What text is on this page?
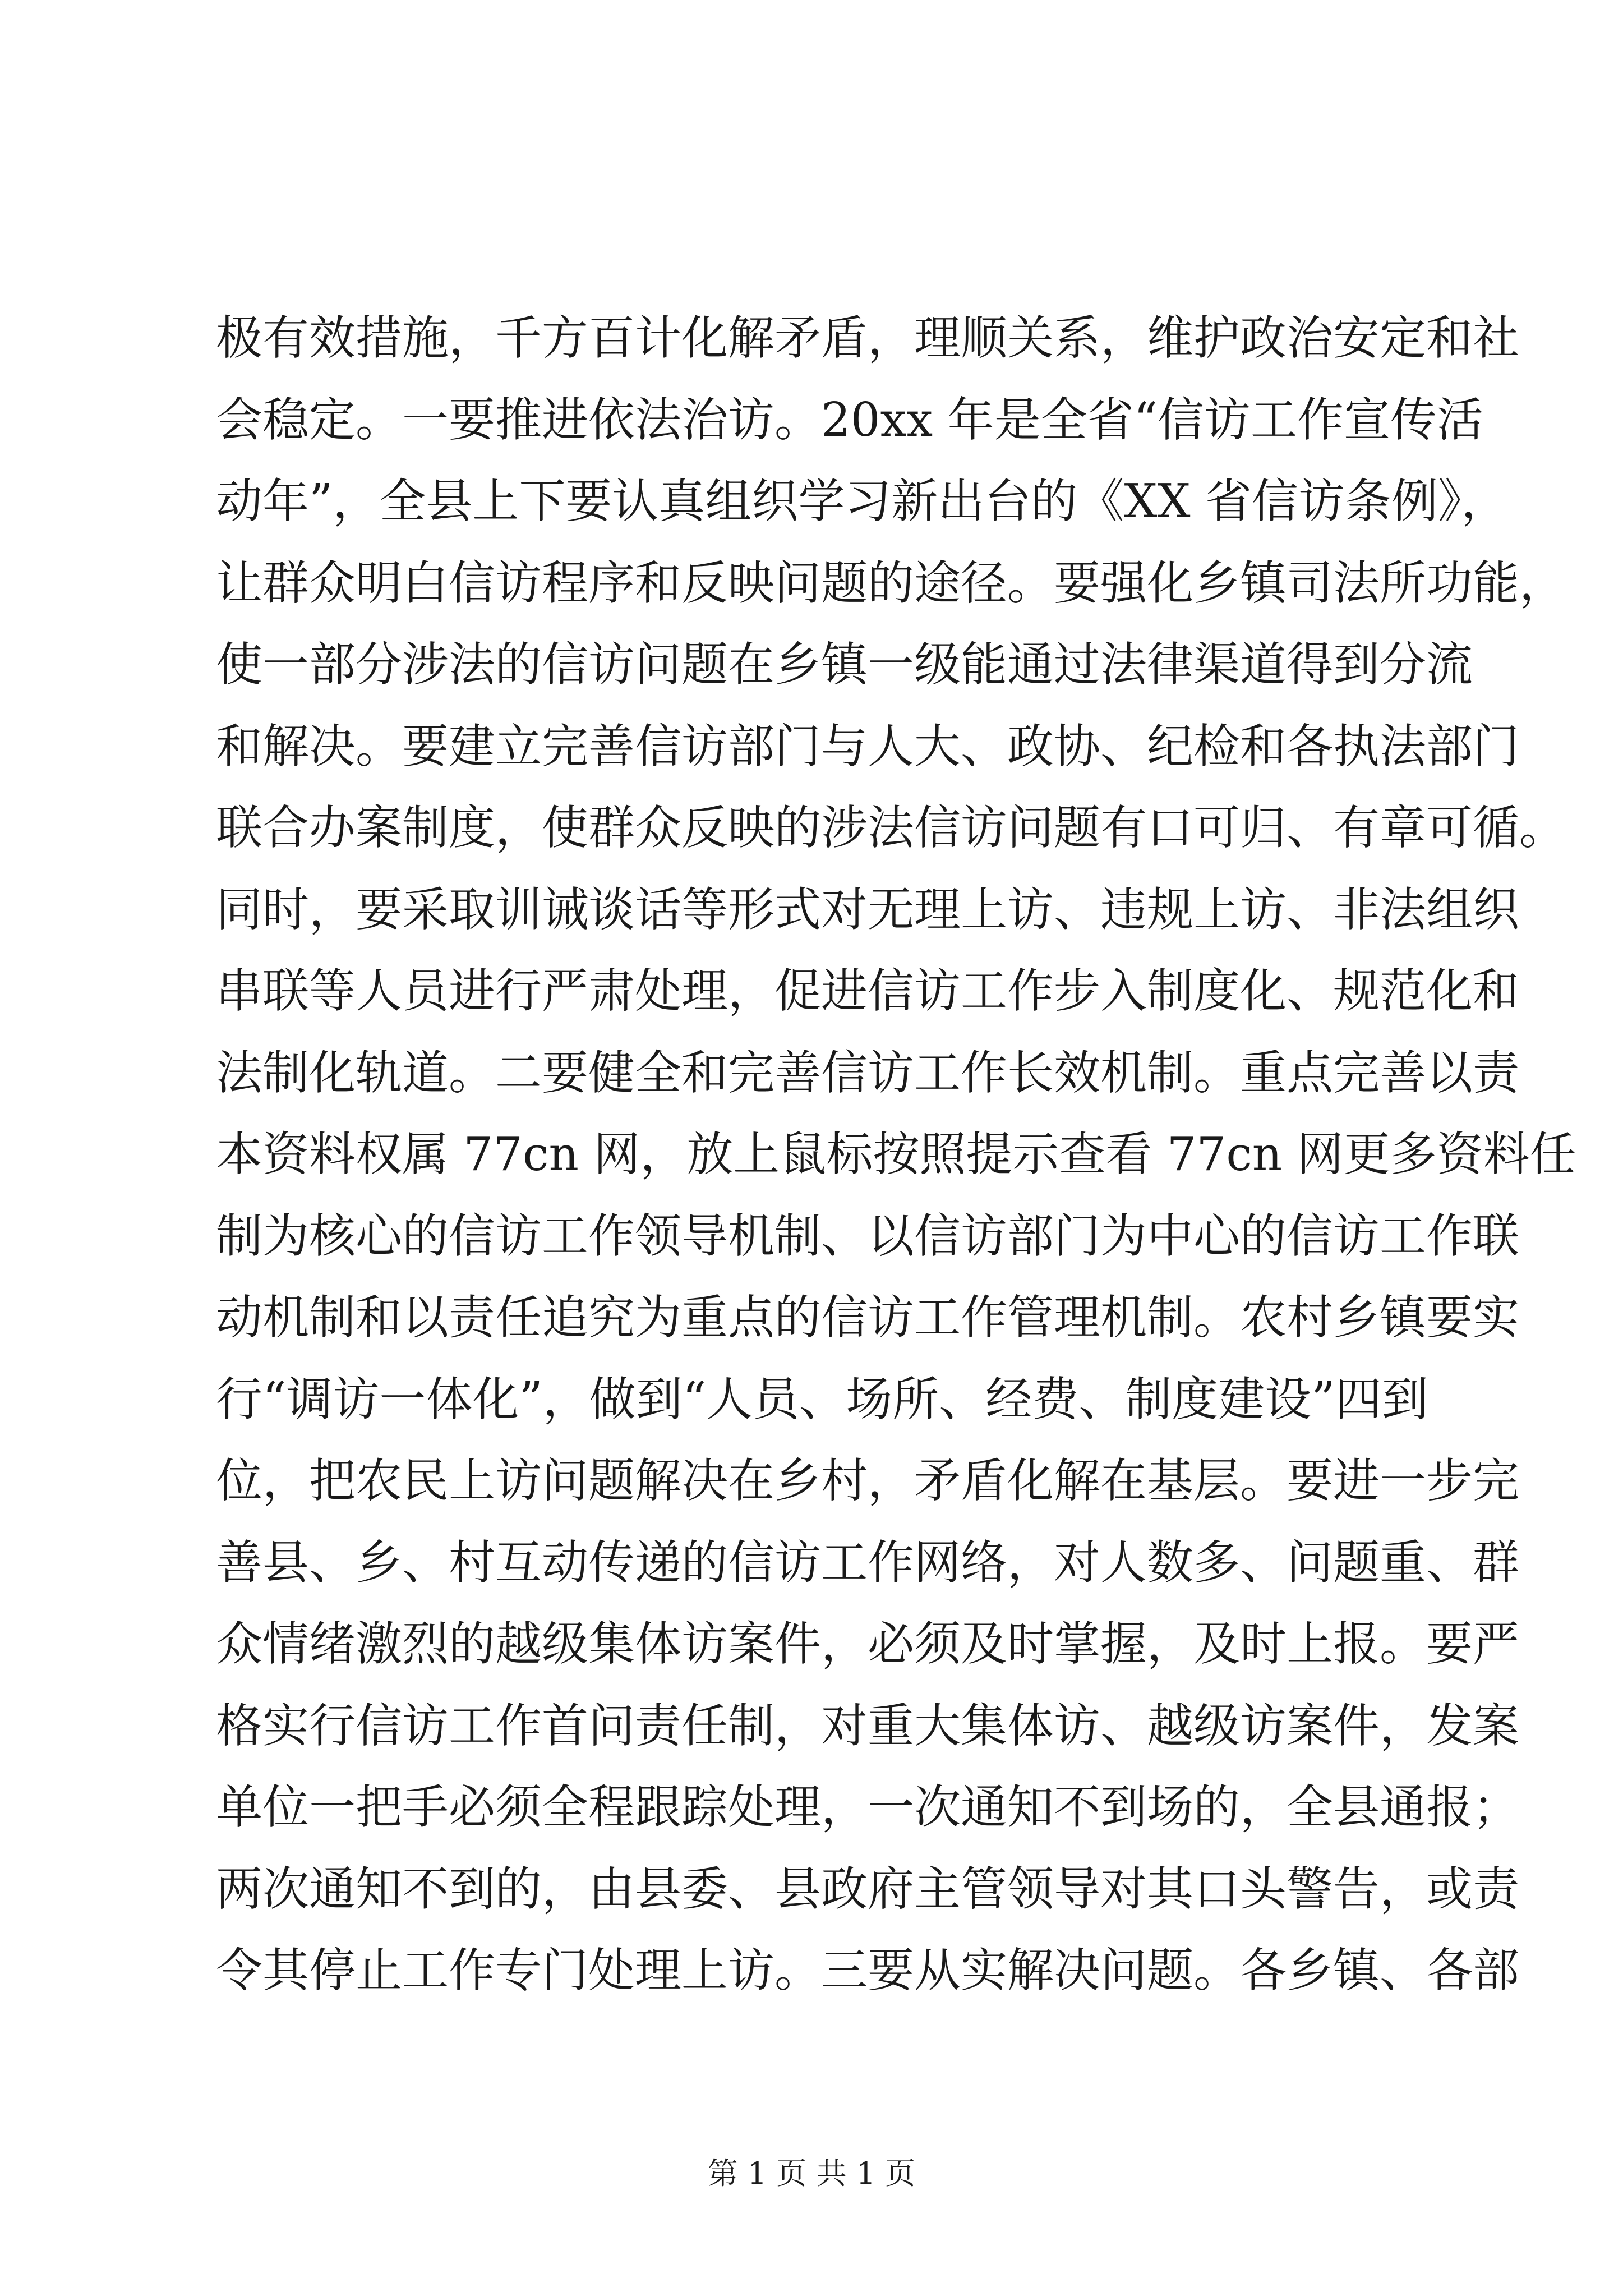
极有效措施，千方百计化解矛盾，理顺关系，维护政治安定和社
会稳定。一要推进依法治访。20xx 年是全省“信访工作宣传活
动年”，全县上下要认真组织学习新出台的《XX 省信访条例》，
让群众明白信访程序和反映问题的途径。要强化乡镇司法所功能，
使一部分涉法的信访问题在乡镇一级能通过法律渠道得到分流
和解决。要建立完善信访部门与人大、政协、纪检和各执法部门
联合办案制度，使群众反映的涉法信访问题有口可归、有章可循。
同时，要采取训诫谈话等形式对无理上访、违规上访、非法组织
串联等人员进行严肃处理，促进信访工作步入制度化、规范化和
法制化轨道。二要健全和完善信访工作长效机制。重点完善以责
本资料权属 77cn 网，放上鼠标按照提示查看 77cn 网更多资料任
制为核心的信访工作领导机制、以信访部门为中心的信访工作联
动机制和以责任追究为重点的信访工作管理机制。农村乡镇要实
行“调访一体化”，做到“人员、场所、经费、制度建设”四到
位，把农民上访问题解决在乡村，矛盾化解在基层。要进一步完
善县、乡、村互动传递的信访工作网络，对人数多、问题重、群
众情绪激烈的越级集体访案件，必须及时掌握，及时上报。要严
格实行信访工作首问责任制，对重大集体访、越级访案件，发案
单位一把手必须全程跟踪处理，一次通知不到场的，全县通报；
两次通知不到的，由县委、县政府主管领导对其口头警告，或责
令其停止工作专门处理上访。三要从实解决问题。各乡镇、各部
第 1 页 共 1 页
